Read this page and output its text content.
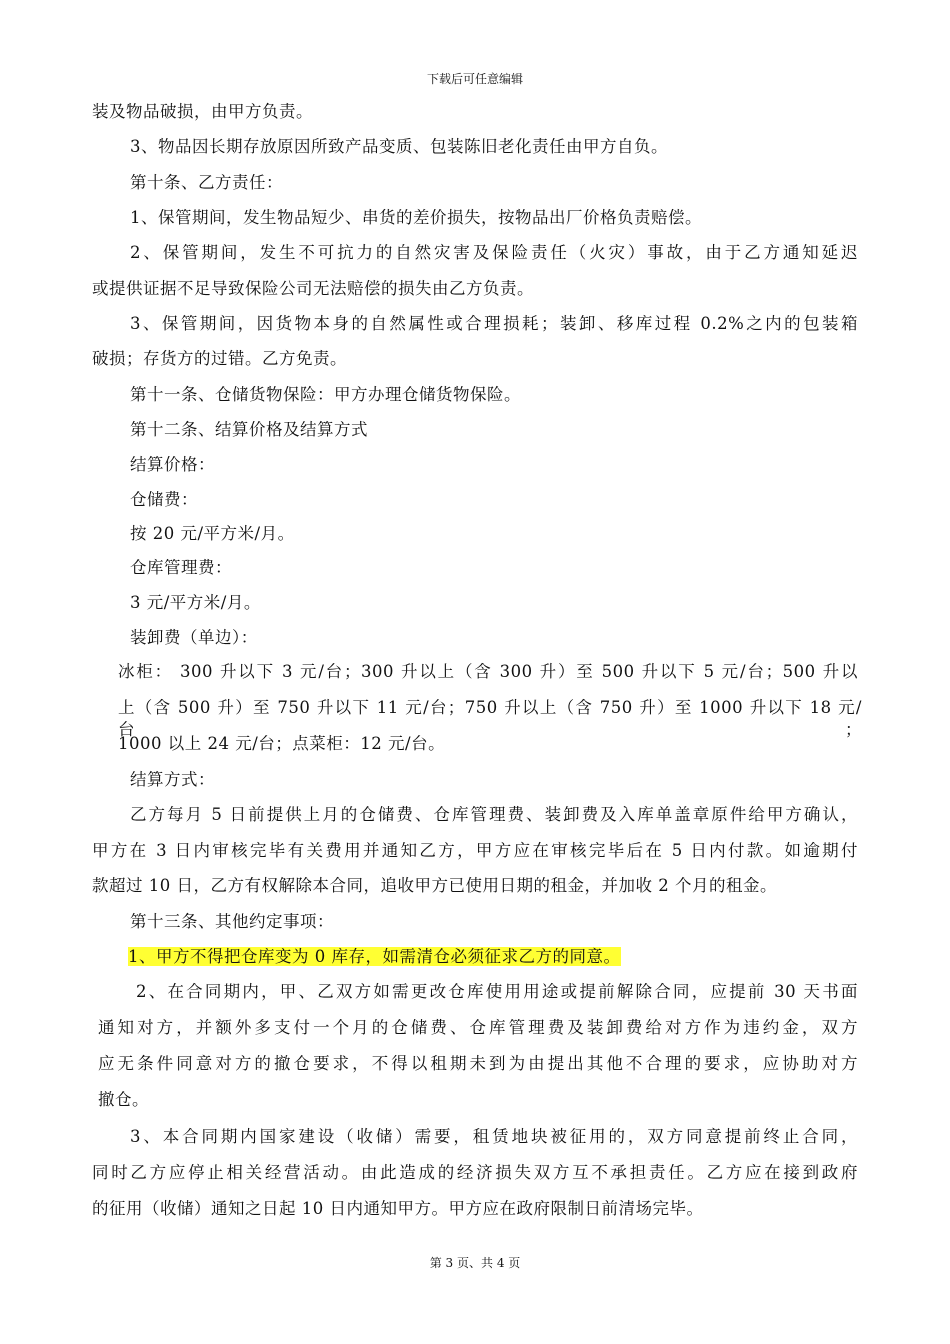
下载后可任意编辑
装及物品破损，由甲方负责。
3、物品因长期存放原因所致产品变质、包装陈旧老化责任由甲方自负。
第十条、乙方责任：
1、保管期间，发生物品短少、串货的差价损失，按物品出厂价格负责赔偿。
2、保管期间，发生不可抗力的自然灾害及保险责任（火灾）事故，由于乙方通知延迟
或提供证据不足导致保险公司无法赔偿的损失由乙方负责。
3、保管期间，因货物本身的自然属性或合理损耗；装卸、移库过程 0.2%之内的包装箱
破损；存货方的过错。乙方免责。
第十一条、仓储货物保险：甲方办理仓储货物保险。
第十二条、结算价格及结算方式
结算价格：
仓储费：
按 20 元/平方米/月。
仓库管理费：
3 元/平方米/月。
装卸费（单边）：
冰柜： 300 升以下 3 元/台；300 升以上（含 300 升）至 500 升以下 5 元/台；500 升以
上（含 500 升）至 750 升以下 11 元/台；750 升以上（含 750 升）至 1000 升以下 18 元/台；
1000 以上 24 元/台；点菜柜：12 元/台。
结算方式：
乙方每月 5 日前提供上月的仓储费、仓库管理费、装卸费及入库单盖章原件给甲方确认，
甲方在 3 日内审核完毕有关费用并通知乙方，甲方应在审核完毕后在 5 日内付款。如逾期付
款超过 10 日，乙方有权解除本合同，追收甲方已使用日期的租金，并加收 2 个月的租金。
第十三条、其他约定事项：
1、甲方不得把仓库变为 0 库存，如需清仓必须征求乙方的同意。
2、在合同期内，甲、乙双方如需更改仓库使用用途或提前解除合同，应提前 30 天书面
通知对方，并额外多支付一个月的仓储费、仓库管理费及装卸费给对方作为违约金，双方
应无条件同意对方的撤仓要求，不得以租期未到为由提出其他不合理的要求，应协助对方
撤仓。
3、本合同期内国家建设（收储）需要，租赁地块被征用的，双方同意提前终止合同，
同时乙方应停止相关经营活动。由此造成的经济损失双方互不承担责任。乙方应在接到政府
的征用（收储）通知之日起 10 日内通知甲方。甲方应在政府限制日前清场完毕。
第 3 页、共 4 页
